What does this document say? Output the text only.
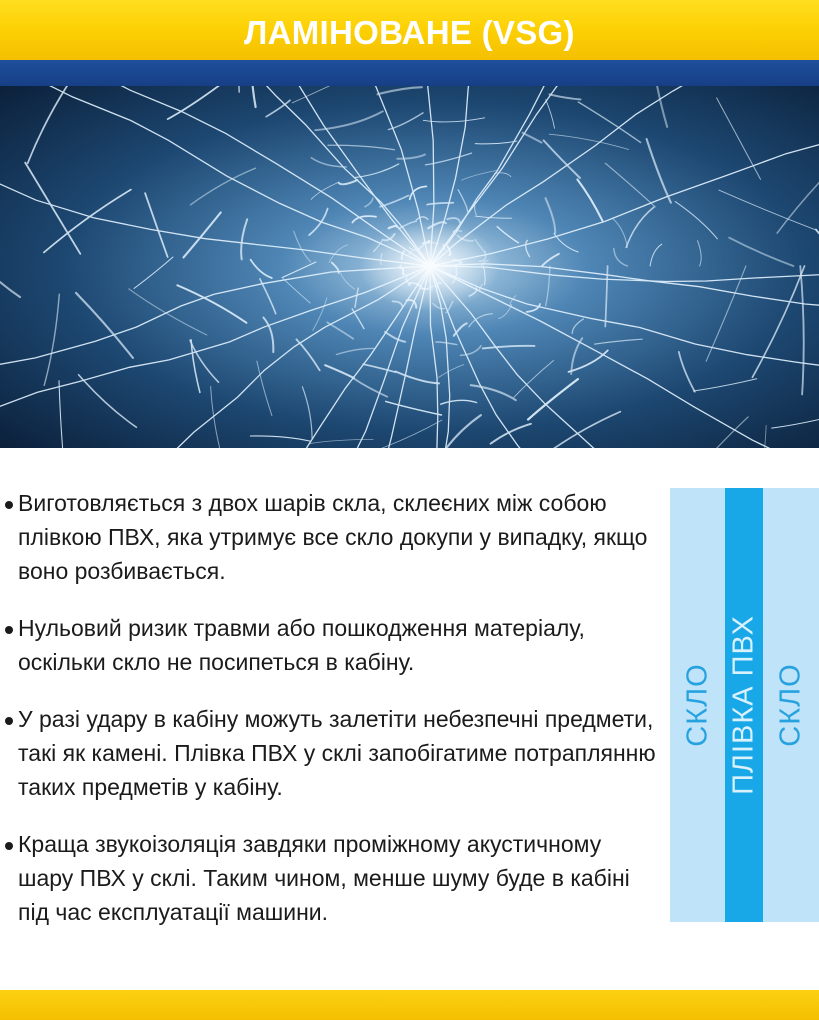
ЛАМІНОВАНЕ (VSG)
Виготовляється з двох шарів скла, склеєних між собою плівкою ПВХ, яка утримує все скло докупи у випадку, якщо воно розбивається.
Нульовий ризик травми або пошкодження матеріалу, оскільки скло не посипеться в кабіну.
У разі удару в кабіну можуть залетіти небезпечні предмети, такі як камені. Плівка ПВХ у склі запобігатиме потраплянню таких предметів у кабіну.
Краща звукоізоляція завдяки проміжному акустичному шару ПВХ у склі. Таким чином, менше шуму буде в кабіні під час експлуатації машини.
СКЛО ПЛІВКА ПВХ СКЛО
